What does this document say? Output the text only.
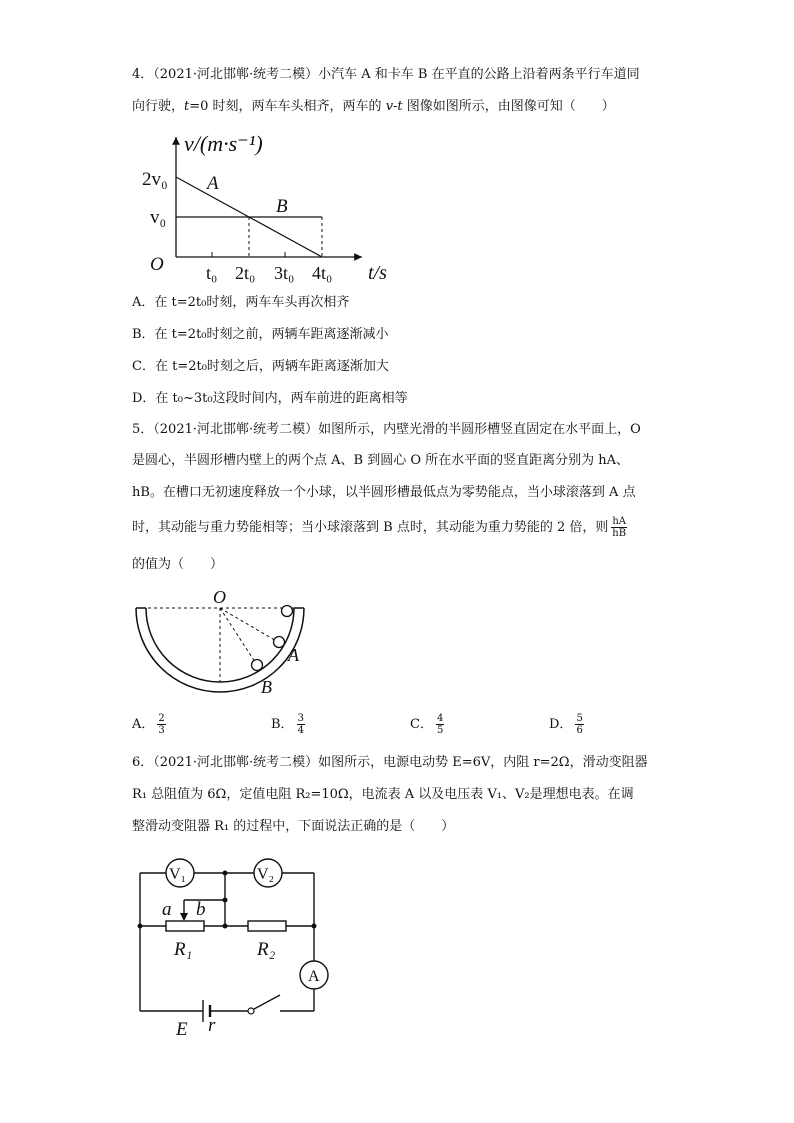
4．（2021·河北邯郸·统考二模）小汽车 A 和卡车 B 在平直的公路上沿着两条平行车道同
向行驶，t=0 时刻，两车车头相齐，两车的 v-t 图像如图所示，由图像可知（　　）
v/(m·s⁻¹)
2v₀
v₀
O
A
B
t₀ 2t₀ 3t₀ 4t₀ t/s
A．在 t=2t₀时刻，两车车头再次相齐
B．在 t=2t₀时刻之前，两辆车距离逐渐减小
C．在 t=2t₀时刻之后，两辆车距离逐渐加大
D．在 t₀~3t₀这段时间内，两车前进的距离相等
5．（2021·河北邯郸·统考二模）如图所示，内壁光滑的半圆形槽竖直固定在水平面上，O
是圆心，半圆形槽内壁上的两个点 A、B 到圆心 O 所在水平面的竖直距离分别为 hA、
hB。在槽口无初速度释放一个小球，以半圆形槽最低点为零势能点，当小球滚落到 A 点
时，其动能与重力势能相等；当小球滚落到 B 点时，其动能为重力势能的 2 倍，则 $\frac{hA}{hB}$
的值为（　　）
O
A
B
A． $\frac{2}{3}$	B． $\frac{3}{4}$	C． $\frac{4}{5}$	D． $\frac{5}{6}$
6．（2021·河北邯郸·统考二模）如图所示，电源电动势 E=6V，内阻 r=2Ω，滑动变阻器
R₁ 总阻值为 6Ω，定值电阻 R₂=10Ω，电流表 A 以及电压表 V₁、V₂是理想电表。在调
整滑动变阻器 R₁ 的过程中，下面说法正确的是（　　）
V₁	V₂
A
a b
R₁	R₂
E r
